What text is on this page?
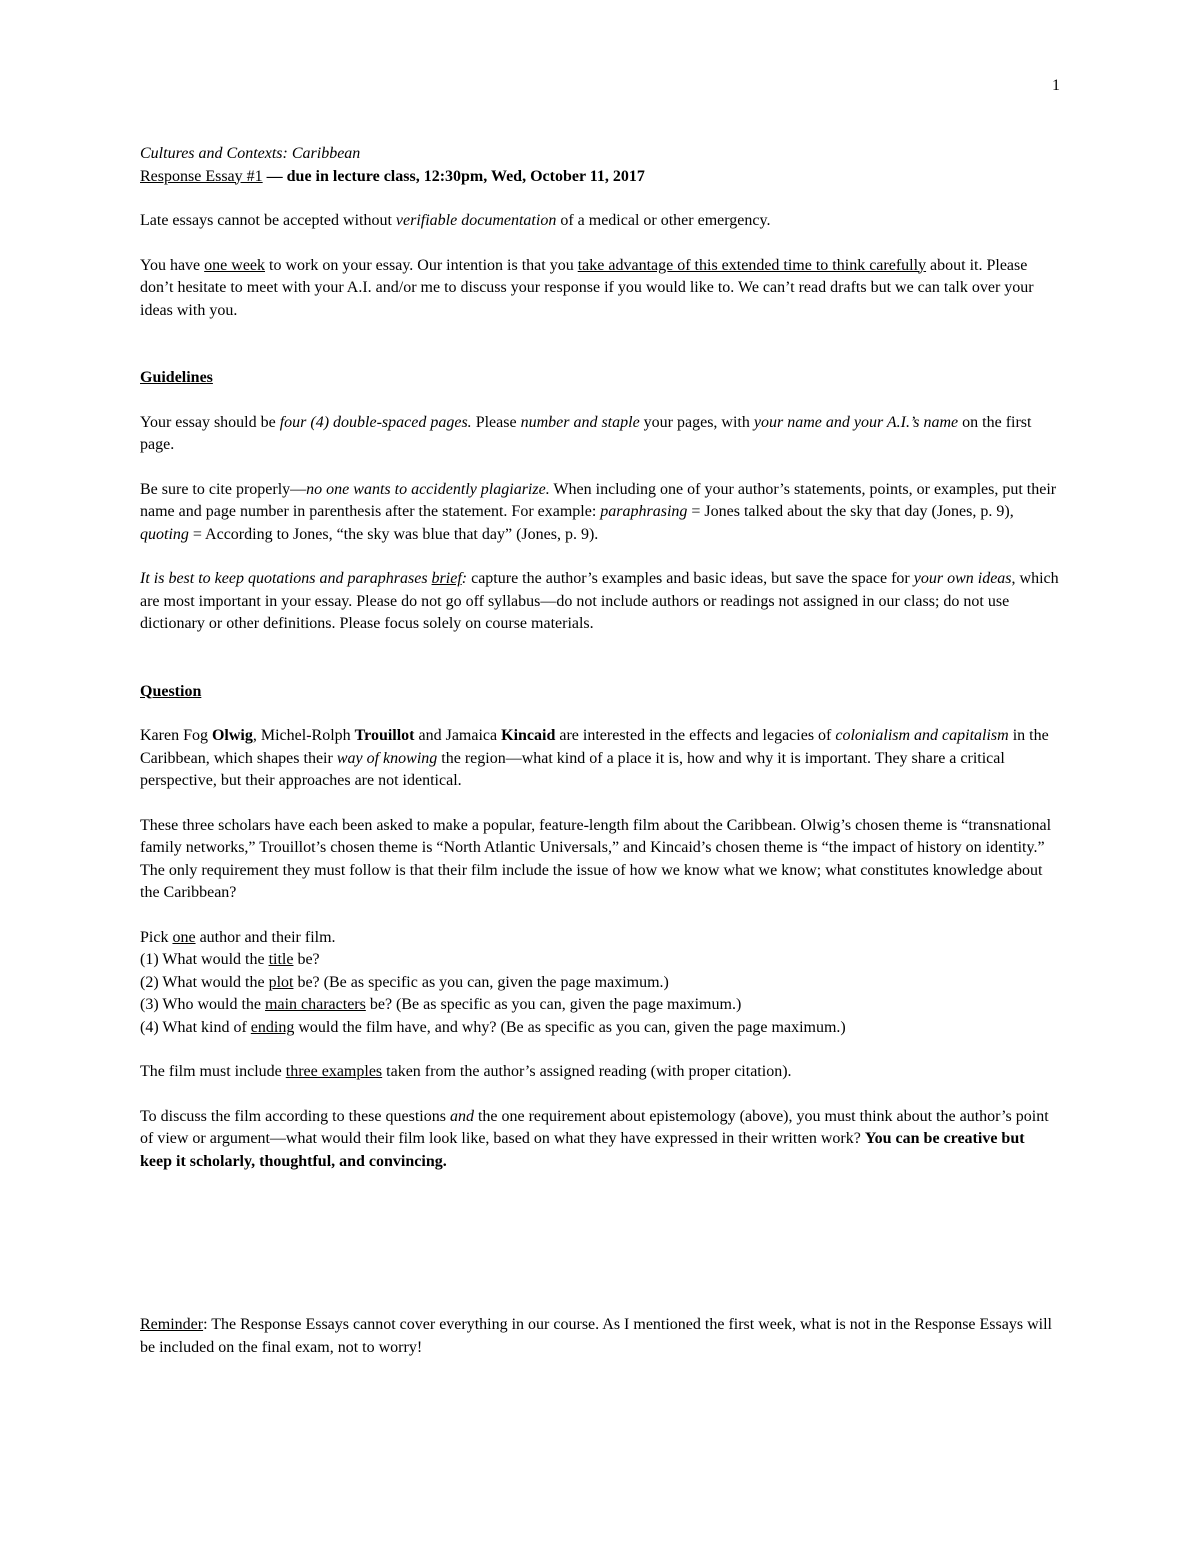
1

Cultures and Contexts: Caribbean

Response Essay #1 — due in lecture class, 12:30pm, Wed, October 11, 2017

Late essays cannot be accepted without verifiable documentation of a medical or other emergency.

You have one week to work on your essay. Our intention is that you take advantage of this extended time to think carefully about it. Please don’t hesitate to meet with your A.I. and/or me to discuss your response if you would like to. We can’t read drafts but we can talk over your ideas with you.

Guidelines

Your essay should be four (4) double-spaced pages. Please number and staple your pages, with your name and your A.I.’s name on the first page.

Be sure to cite properly—no one wants to accidently plagiarize. When including one of your author’s statements, points, or examples, put their name and page number in parenthesis after the statement. For example: paraphrasing = Jones talked about the sky that day (Jones, p. 9), quoting = According to Jones, “the sky was blue that day” (Jones, p. 9).

It is best to keep quotations and paraphrases brief: capture the author’s examples and basic ideas, but save the space for your own ideas, which are most important in your essay. Please do not go off syllabus—do not include authors or readings not assigned in our class; do not use dictionary or other definitions. Please focus solely on course materials.

Question

Karen Fog Olwig, Michel-Rolph Trouillot and Jamaica Kincaid are interested in the effects and legacies of colonialism and capitalism in the Caribbean, which shapes their way of knowing the region—what kind of a place it is, how and why it is important. They share a critical perspective, but their approaches are not identical.

These three scholars have each been asked to make a popular, feature-length film about the Caribbean. Olwig’s chosen theme is “transnational family networks,” Trouillot’s chosen theme is “North Atlantic Universals,” and Kincaid’s chosen theme is “the impact of history on identity.” The only requirement they must follow is that their film include the issue of how we know what we know; what constitutes knowledge about the Caribbean?

Pick one author and their film.

(1) What would the title be?

(2) What would the plot be? (Be as specific as you can, given the page maximum.)

(3) Who would the main characters be? (Be as specific as you can, given the page maximum.)

(4) What kind of ending would the film have, and why? (Be as specific as you can, given the page maximum.)

The film must include three examples taken from the author’s assigned reading (with proper citation).

To discuss the film according to these questions and the one requirement about epistemology (above), you must think about the author’s point of view or argument—what would their film look like, based on what they have expressed in their written work? You can be creative but keep it scholarly, thoughtful, and convincing.

Reminder: The Response Essays cannot cover everything in our course. As I mentioned the first week, what is not in the Response Essays will be included on the final exam, not to worry!
